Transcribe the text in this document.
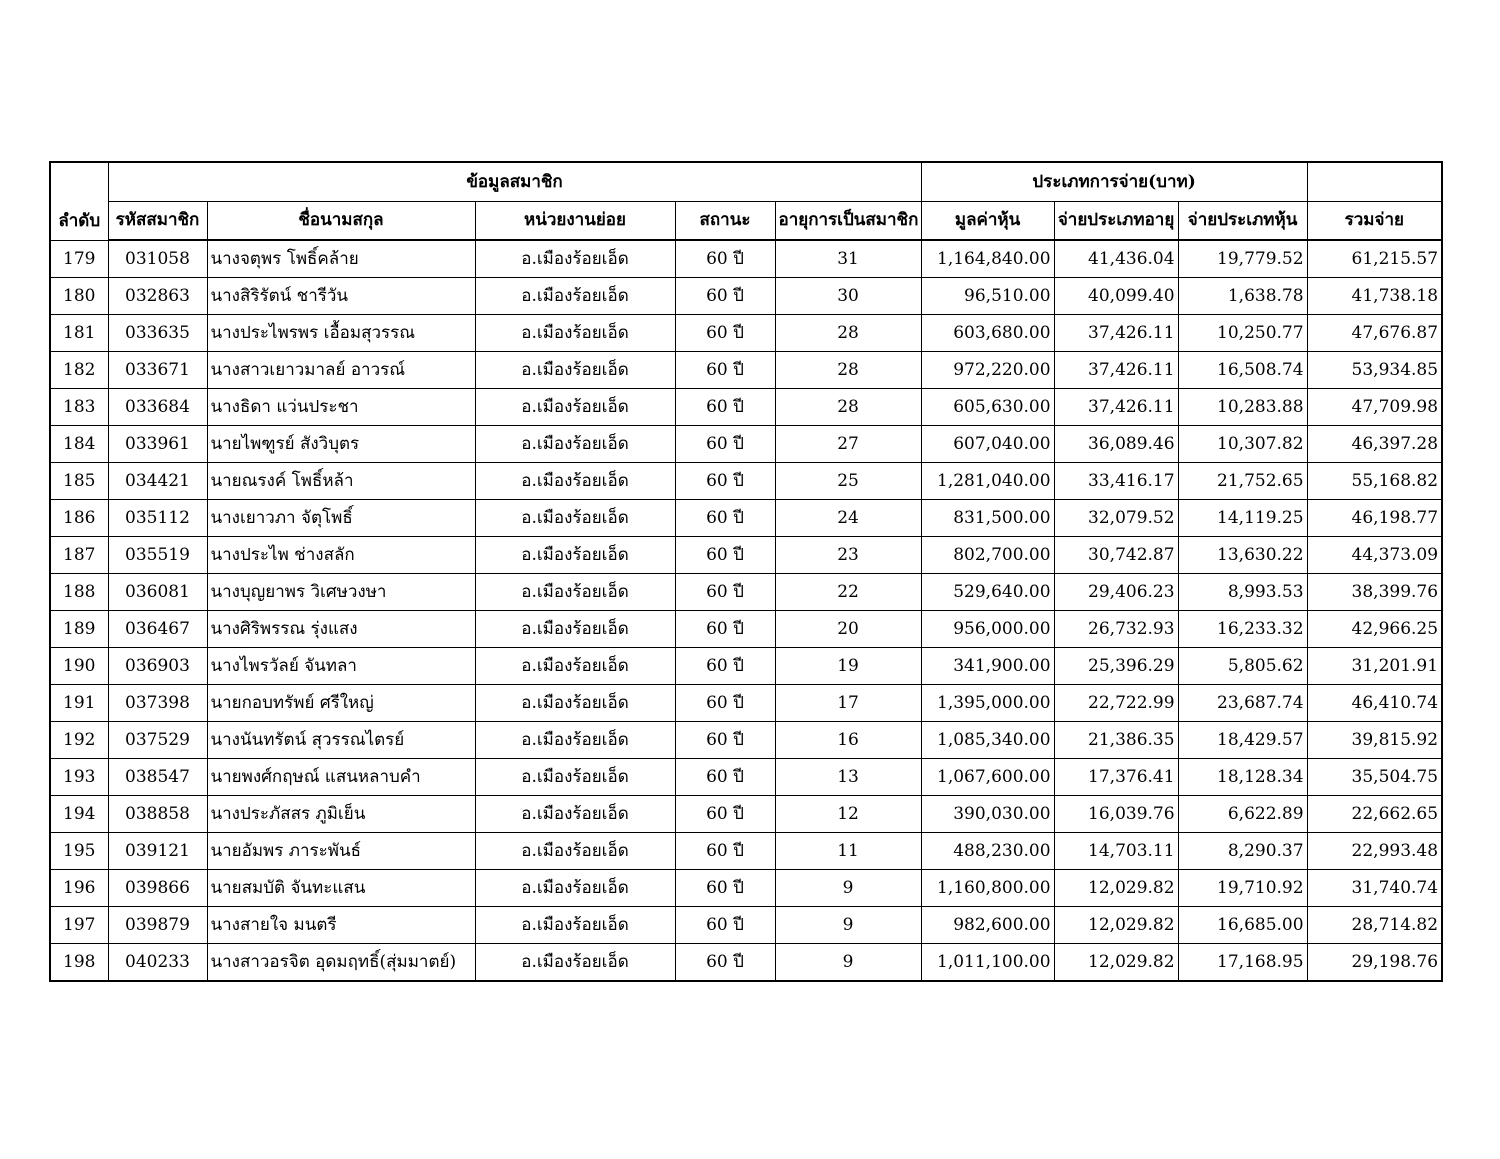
ลำดับ	ข้อมูลสมาชิก					ประเภทการจ่าย(บาท)			
	รหัสสมาชิก	ชื่อนามสกุล	หน่วยงานย่อย	สถานะ	อายุการเป็นสมาชิก	มูลค่าหุ้น	จ่ายประเภทอายุ	จ่ายประเภทหุ้น	รวมจ่าย
179	031058	นางจตุพร โพธิ์คล้าย	อ.เมืองร้อยเอ็ด	60 ปี	31	1,164,840.00	41,436.04	19,779.52	61,215.57
180	032863	นางสิริรัตน์ ชารีวัน	อ.เมืองร้อยเอ็ด	60 ปี	30	96,510.00	40,099.40	1,638.78	41,738.18
181	033635	นางประไพรพร เอื้อมสุวรรณ	อ.เมืองร้อยเอ็ด	60 ปี	28	603,680.00	37,426.11	10,250.77	47,676.87
182	033671	นางสาวเยาวมาลย์ อาวรณ์	อ.เมืองร้อยเอ็ด	60 ปี	28	972,220.00	37,426.11	16,508.74	53,934.85
183	033684	นางธิดา แว่นประชา	อ.เมืองร้อยเอ็ด	60 ปี	28	605,630.00	37,426.11	10,283.88	47,709.98
184	033961	นายไพฑูรย์ สังวิบุตร	อ.เมืองร้อยเอ็ด	60 ปี	27	607,040.00	36,089.46	10,307.82	46,397.28
185	034421	นายณรงค์ โพธิ์หล้า	อ.เมืองร้อยเอ็ด	60 ปี	25	1,281,040.00	33,416.17	21,752.65	55,168.82
186	035112	นางเยาวภา จัตุโพธิ์	อ.เมืองร้อยเอ็ด	60 ปี	24	831,500.00	32,079.52	14,119.25	46,198.77
187	035519	นางประไพ ช่างสลัก	อ.เมืองร้อยเอ็ด	60 ปี	23	802,700.00	30,742.87	13,630.22	44,373.09
188	036081	นางบุญยาพร วิเศษวงษา	อ.เมืองร้อยเอ็ด	60 ปี	22	529,640.00	29,406.23	8,993.53	38,399.76
189	036467	นางศิริพรรณ รุ่งแสง	อ.เมืองร้อยเอ็ด	60 ปี	20	956,000.00	26,732.93	16,233.32	42,966.25
190	036903	นางไพรวัลย์ จันทลา	อ.เมืองร้อยเอ็ด	60 ปี	19	341,900.00	25,396.29	5,805.62	31,201.91
191	037398	นายกอบทรัพย์ ศรีใหญ่	อ.เมืองร้อยเอ็ด	60 ปี	17	1,395,000.00	22,722.99	23,687.74	46,410.74
192	037529	นางนันทรัตน์ สุวรรณไตรย์	อ.เมืองร้อยเอ็ด	60 ปี	16	1,085,340.00	21,386.35	18,429.57	39,815.92
193	038547	นายพงศ์กฤษณ์ แสนหลาบคำ	อ.เมืองร้อยเอ็ด	60 ปี	13	1,067,600.00	17,376.41	18,128.34	35,504.75
194	038858	นางประภัสสร ภูมิเย็น	อ.เมืองร้อยเอ็ด	60 ปี	12	390,030.00	16,039.76	6,622.89	22,662.65
195	039121	นายอัมพร ภาระพันธ์	อ.เมืองร้อยเอ็ด	60 ปี	11	488,230.00	14,703.11	8,290.37	22,993.48
196	039866	นายสมบัติ จันทะแสน	อ.เมืองร้อยเอ็ด	60 ปี	9	1,160,800.00	12,029.82	19,710.92	31,740.74
197	039879	นางสายใจ มนตรี	อ.เมืองร้อยเอ็ด	60 ปี	9	982,600.00	12,029.82	16,685.00	28,714.82
198	040233	นางสาวอรจิต อุดมฤทธิ์(สุ่มมาตย์)	อ.เมืองร้อยเอ็ด	60 ปี	9	1,011,100.00	12,029.82	17,168.95	29,198.76
